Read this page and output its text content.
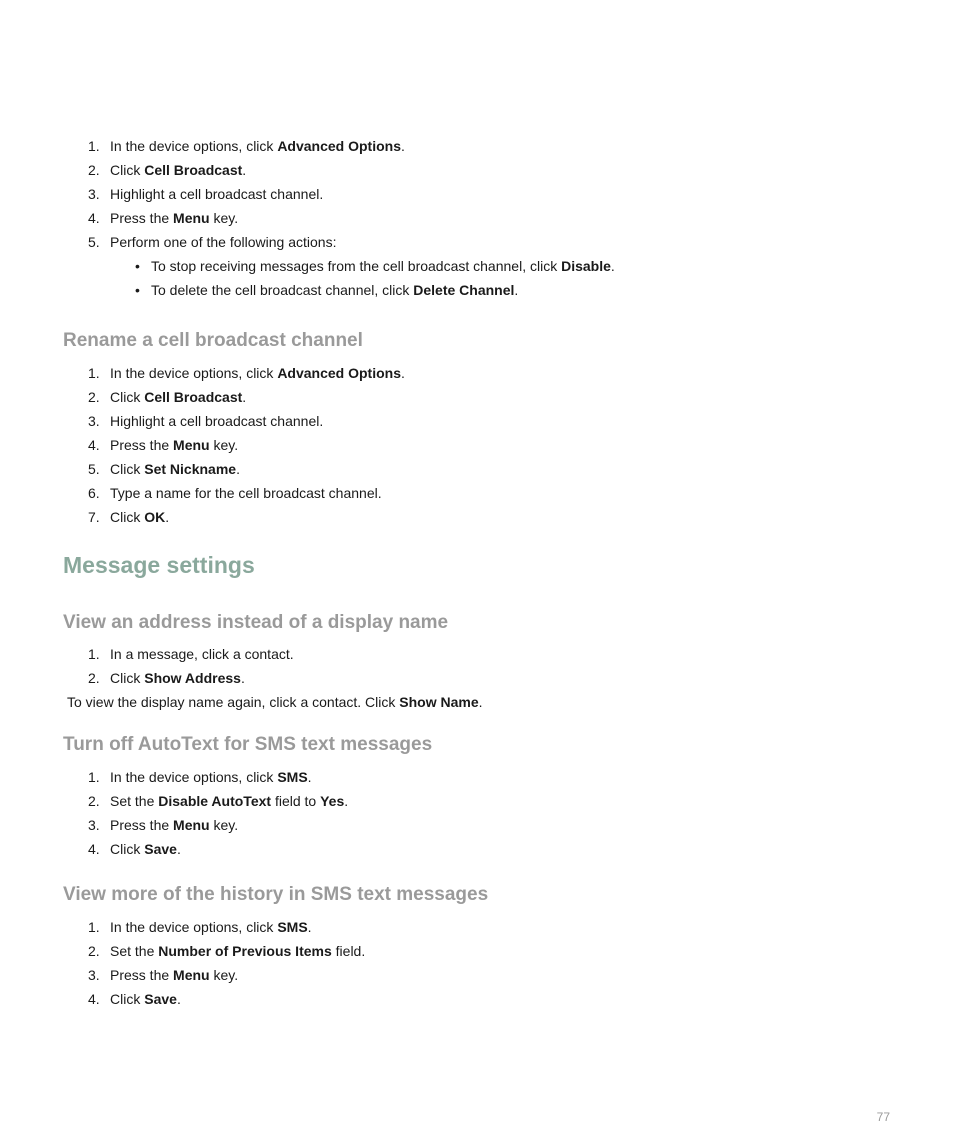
1. In the device options, click Advanced Options.
2. Click Cell Broadcast.
3. Highlight a cell broadcast channel.
4. Press the Menu key.
5. Perform one of the following actions:
• To stop receiving messages from the cell broadcast channel, click Disable.
• To delete the cell broadcast channel, click Delete Channel.
Rename a cell broadcast channel
1. In the device options, click Advanced Options.
2. Click Cell Broadcast.
3. Highlight a cell broadcast channel.
4. Press the Menu key.
5. Click Set Nickname.
6. Type a name for the cell broadcast channel.
7. Click OK.
Message settings
View an address instead of a display name
1. In a message, click a contact.
2. Click Show Address.
To view the display name again, click a contact. Click Show Name.
Turn off AutoText for SMS text messages
1. In the device options, click SMS.
2. Set the Disable AutoText field to Yes.
3. Press the Menu key.
4. Click Save.
View more of the history in SMS text messages
1. In the device options, click SMS.
2. Set the Number of Previous Items field.
3. Press the Menu key.
4. Click Save.
77
